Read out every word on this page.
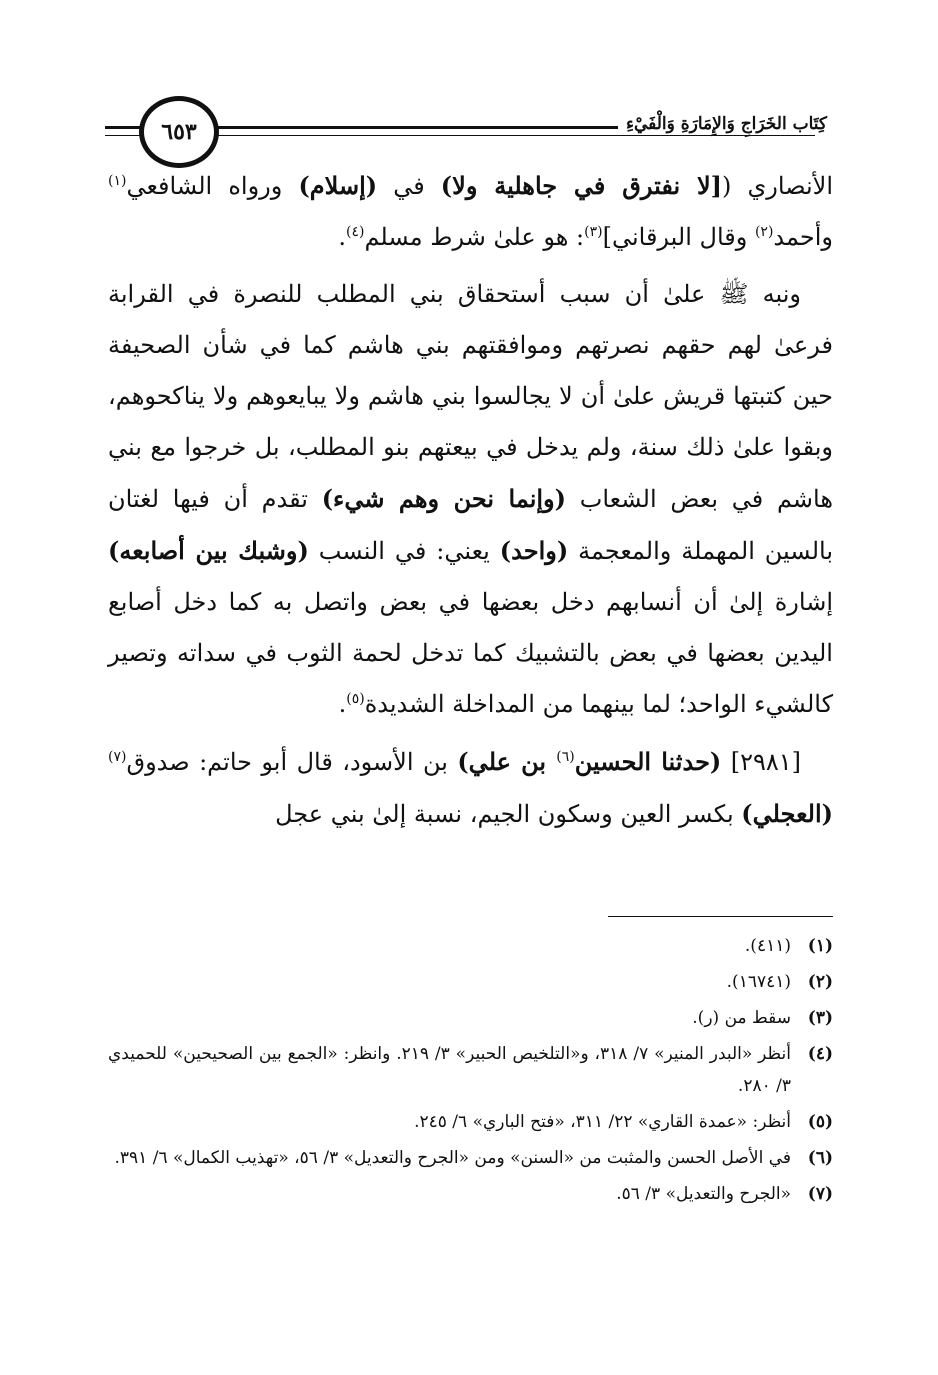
٦٥٣	كِتَاب الخَرَاجِ وَالإِمَارَةِ وَالْفَيْءِ

الأنصاري ([لا نفترق في جاهلية ولا) في (إسلام) ورواه الشافعي$^{(١)}$ وأحمد$^{(٢)}$ وقال البرقاني]$^{(٣)}$: هو علىٰ شرط مسلم$^{(٤)}$.

ونبه ﷺ علىٰ أن سبب أستحقاق بني المطلب للنصرة في القرابة فرعىٰ لهم حقهم نصرتهم وموافقتهم بني هاشم كما في شأن الصحيفة حين كتبتها قريش علىٰ أن لا يجالسوا بني هاشم ولا يبايعوهم ولا يناكحوهم، وبقوا علىٰ ذلك سنة، ولم يدخل في بيعتهم بنو المطلب، بل خرجوا مع بني هاشم في بعض الشعاب (وإنما نحن وهم شيء) تقدم أن فيها لغتان بالسين المهملة والمعجمة (واحد) يعني: في النسب (وشبك بين أصابعه) إشارة إلىٰ أن أنسابهم دخل بعضها في بعض واتصل به كما دخل أصابع اليدين بعضها في بعض بالتشبيك كما تدخل لحمة الثوب في سداته وتصير كالشيء الواحد؛ لما بينهما من المداخلة الشديدة$^{(٥)}$.

[٢٩٨١] (حدثنا الحسين$^{(٦)}$ بن علي) بن الأسود، قال أبو حاتم: صدوق$^{(٧)}$ (العجلي) بكسر العين وسكون الجيم، نسبة إلىٰ بني عجل

(١)
(٤١١).
(٢)
(١٦٧٤١).
(٣)
سقط من (ر).
(٤)
أنظر «البدر المنير» ٧/ ٣١٨، و«التلخيص الحبير» ٣/ ٢١٩. وانظر: «الجمع بين الصحيحين» للحميدي ٣/ ٢٨٠.
(٥)
أنظر: «عمدة القاري» ٢٢/ ٣١١، «فتح الباري» ٦/ ٢٤٥.
(٦)
في الأصل الحسن والمثبت من «السنن» ومن «الجرح والتعديل» ٣/ ٥٦، «تهذيب الكمال» ٦/ ٣٩١.
(٧)
«الجرح والتعديل» ٣/ ٥٦.
